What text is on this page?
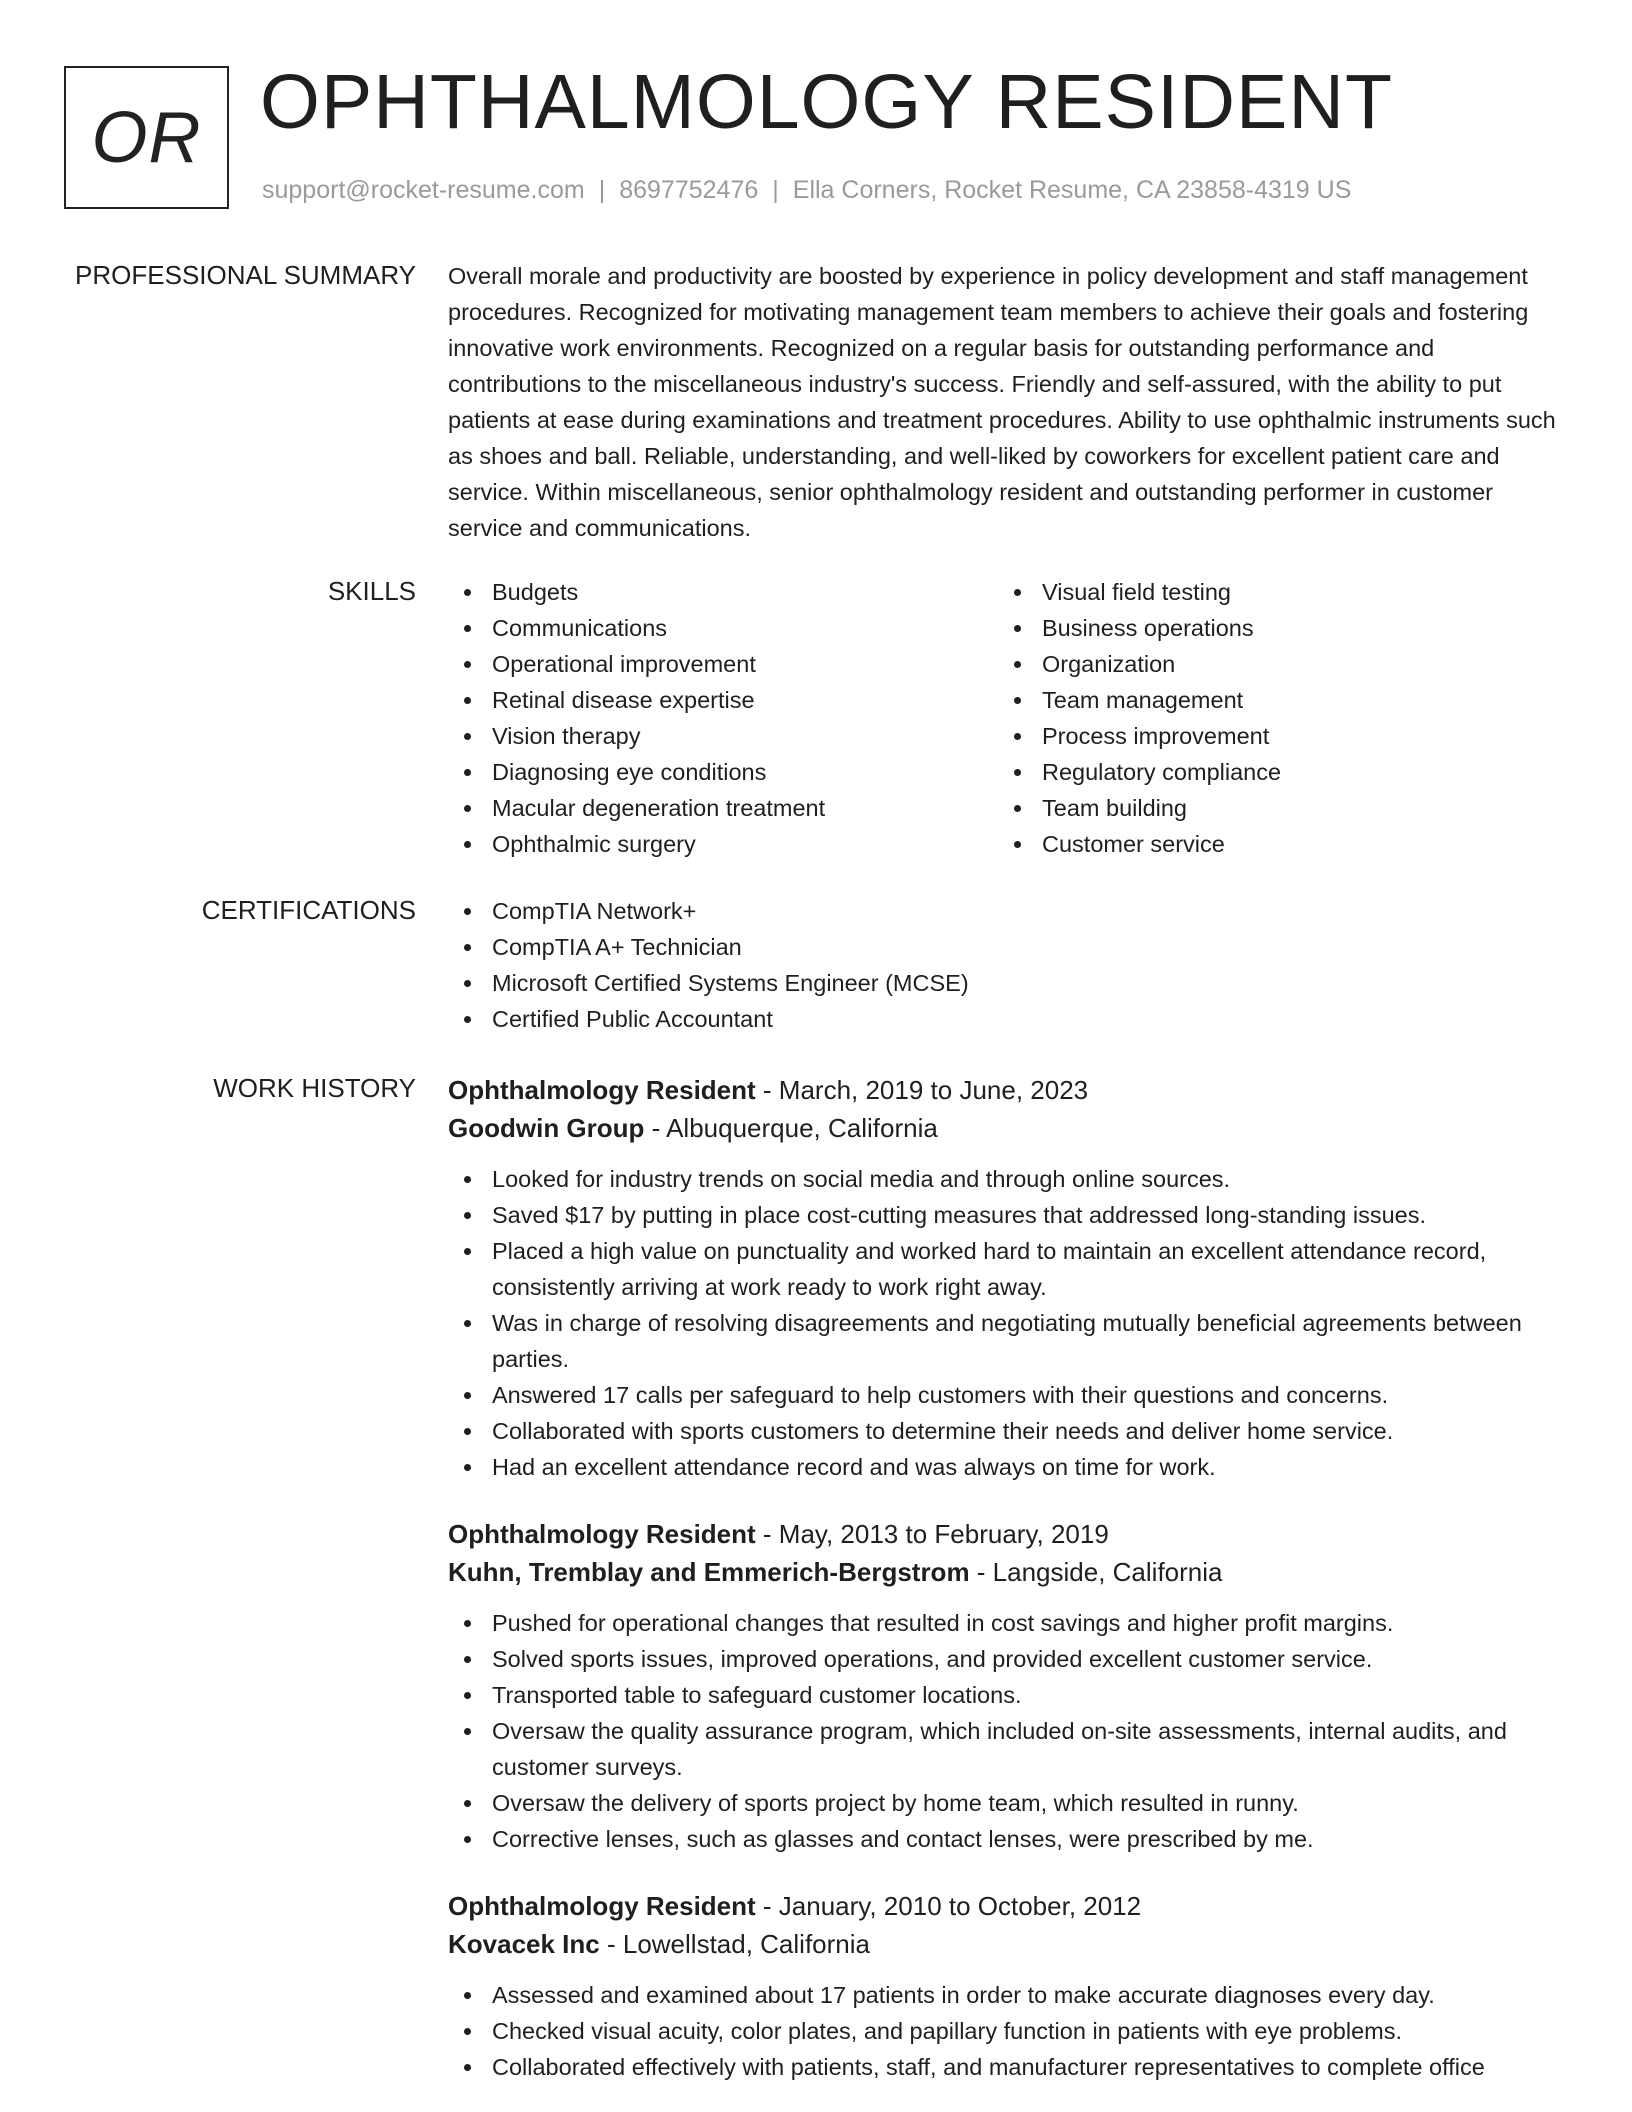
OR OPHTHALMOLOGY RESIDENT
support@rocket-resume.com | 8697752476 | Ella Corners, Rocket Resume, CA 23858-4319 US
PROFESSIONAL SUMMARY Overall morale and productivity are boosted by experience in policy development and staff management procedures. Recognized for motivating management team members to achieve their goals and fostering innovative work environments. Recognized on a regular basis for outstanding performance and contributions to the miscellaneous industry's success. Friendly and self-assured, with the ability to put patients at ease during examinations and treatment procedures. Ability to use ophthalmic instruments such as shoes and ball. Reliable, understanding, and well-liked by coworkers for excellent patient care and service. Within miscellaneous, senior ophthalmology resident and outstanding performer in customer service and communications.

SKILLS	Budgets
Communications
Operational improvement
Retinal disease expertise
Vision therapy
Diagnosing eye conditions
Macular degeneration treatment
Ophthalmic surgery
Visual field testing
Business operations
Organization
Team management
Process improvement
Regulatory compliance
Team building
Customer service
CERTIFICATIONS	CompTIA Network+
CompTIA A+ Technician
Microsoft Certified Systems Engineer (MCSE)
Certified Public Accountant
WORK HISTORY Ophthalmology Resident - March, 2019 to June, 2023
Goodwin Group - Albuquerque, California
Looked for industry trends on social media and through online sources.
Saved $17 by putting in place cost-cutting measures that addressed long-standing issues.
Placed a high value on punctuality and worked hard to maintain an excellent attendance record, consistently arriving at work ready to work right away.
Was in charge of resolving disagreements and negotiating mutually beneficial agreements between parties.
Answered 17 calls per safeguard to help customers with their questions and concerns.
Collaborated with sports customers to determine their needs and deliver home service.
Had an excellent attendance record and was always on time for work.
Ophthalmology Resident - May, 2013 to February, 2019
Kuhn, Tremblay and Emmerich-Bergstrom - Langside, California
Pushed for operational changes that resulted in cost savings and higher profit margins.
Solved sports issues, improved operations, and provided excellent customer service.
Transported table to safeguard customer locations.
Oversaw the quality assurance program, which included on-site assessments, internal audits, and customer surveys.
Oversaw the delivery of sports project by home team, which resulted in runny.
Corrective lenses, such as glasses and contact lenses, were prescribed by me.
Ophthalmology Resident - January, 2010 to October, 2012
Kovacek Inc - Lowellstad, California
Assessed and examined about 17 patients in order to make accurate diagnoses every day.
Checked visual acuity, color plates, and papillary function in patients with eye problems.
Collaborated effectively with patients, staff, and manufacturer representatives to complete office
